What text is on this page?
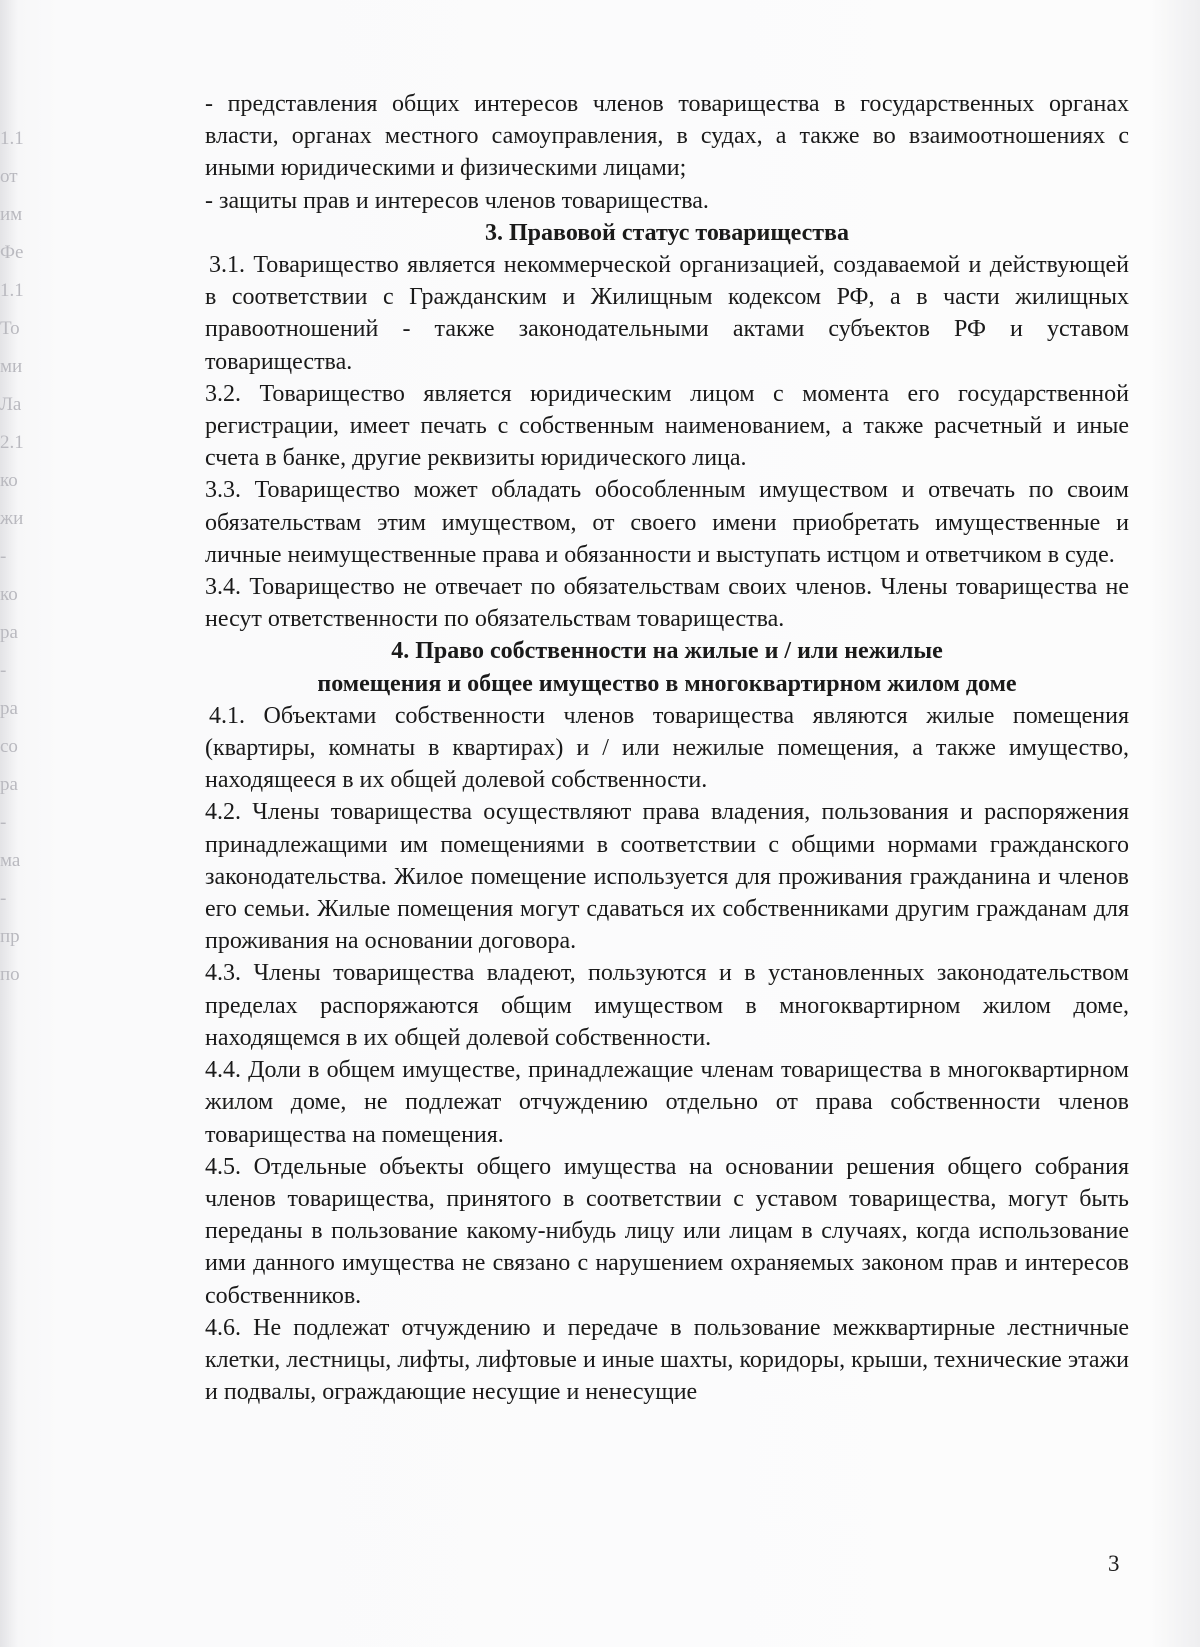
1.1
от
им
Фе
1.1
То
ми
Ла
2.1
ко
жи
-
ко
ра
-
ра
со
ра
-
ма
-
пр
по

- представления общих интересов членов товарищества в государственных органах власти, органах местного самоуправления, в судах, а также во взаимоотношениях с иными юридическими и физическими лицами;

- защиты прав и интересов членов товарищества.

3. Правовой статус товарищества

3.1. Товарищество является некоммерческой организацией, создаваемой и действующей в соответствии с Гражданским и Жилищным кодексом РФ, а в части жилищных правоотношений - также законодательными актами субъектов РФ и уставом товарищества.

3.2. Товарищество является юридическим лицом с момента его государственной регистрации, имеет печать с собственным наименованием, а также расчетный и иные счета в банке, другие реквизиты юридического лица.

3.3. Товарищество может обладать обособленным имуществом и отвечать по своим обязательствам этим имуществом, от своего имени приобретать имущественные и личные неимущественные права и обязанности и выступать истцом и ответчиком в суде.

3.4. Товарищество не отвечает по обязательствам своих членов. Члены товарищества не несут ответственности по обязательствам товарищества.

4. Право собственности на жилые и / или нежилые

помещения и общее имущество в многоквартирном жилом доме

4.1. Объектами собственности членов товарищества являются жилые помещения (квартиры, комнаты в квартирах) и / или нежилые помещения, а также имущество, находящееся в их общей долевой собственности.

4.2. Члены товарищества осуществляют права владения, пользования и распоряжения принадлежащими им помещениями в соответствии с общими нормами гражданского законодательства. Жилое помещение используется для проживания гражданина и членов его семьи. Жилые помещения могут сдаваться их собственниками другим гражданам для проживания на основании договора.

4.3. Члены товарищества владеют, пользуются и в установленных законодательством пределах распоряжаются общим имуществом в многоквартирном жилом доме, находящемся в их общей долевой собственности.

4.4. Доли в общем имуществе, принадлежащие членам товарищества в многоквартирном жилом доме, не подлежат отчуждению отдельно от права собственности членов товарищества на помещения.

4.5. Отдельные объекты общего имущества на основании решения общего собрания членов товарищества, принятого в соответствии с уставом товарищества, могут быть переданы в пользование какому-нибудь лицу или лицам в случаях, когда использование ими данного имущества не связано с нарушением охраняемых законом прав и интересов собственников.

4.6. Не подлежат отчуждению и передаче в пользование межквартирные лестничные клетки, лестницы, лифты, лифтовые и иные шахты, коридоры, крыши, технические этажи и подвалы, ограждающие несущие и ненесущие

3
